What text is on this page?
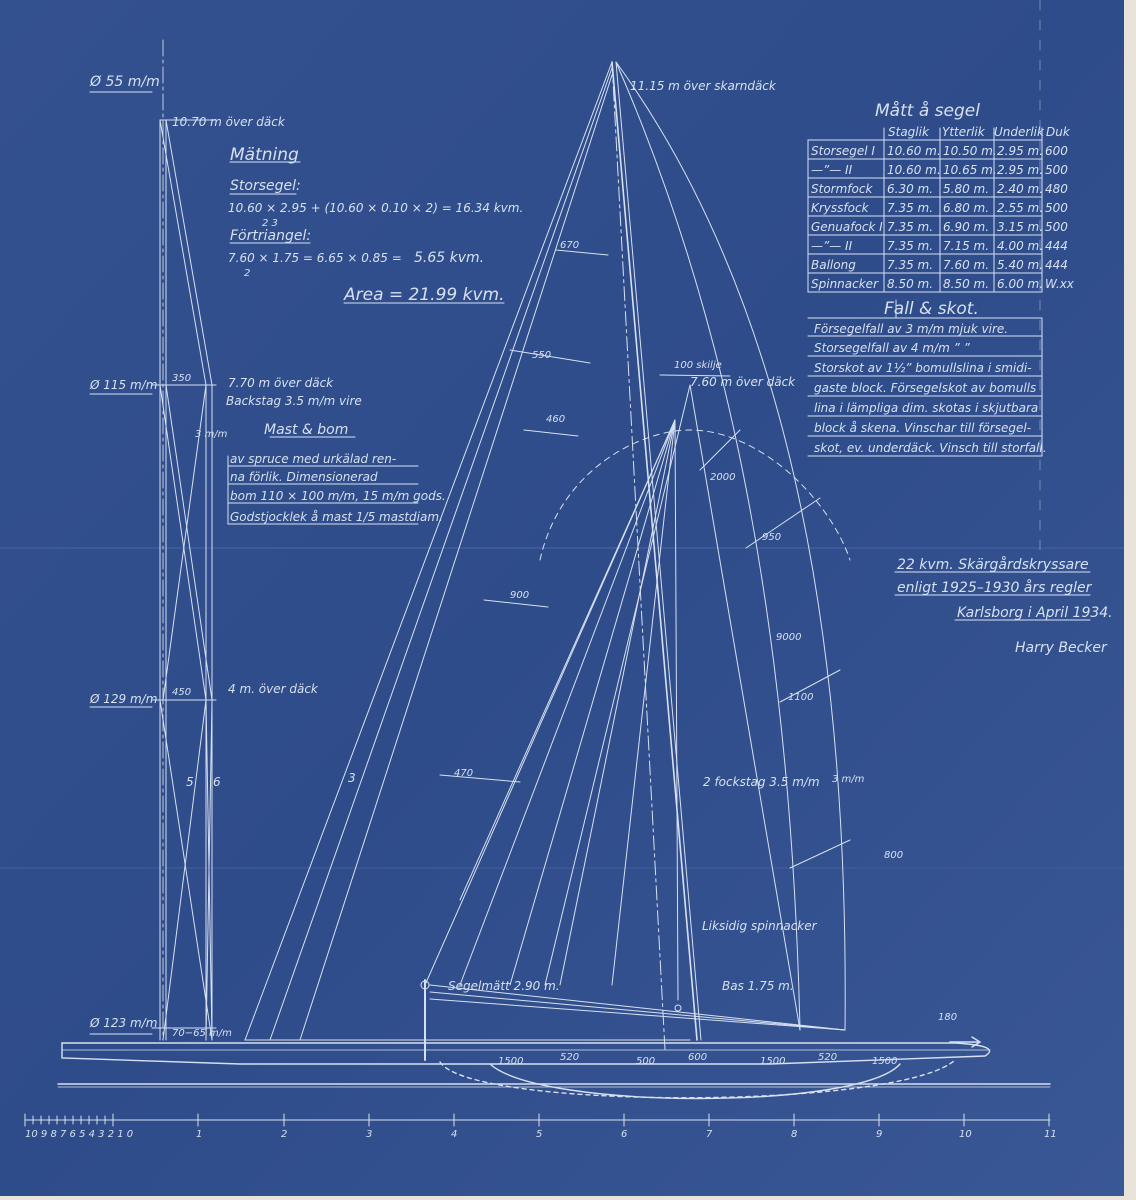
Ø 55 m/m
10.70 m över däck
Ø 115 m/m 350	7.70 m över däck
Backstag 3.5 m/m vire
3 m/m
Ø 129 m/m 450	4 m. över däck
5 6
Ø 123 m/m
70−65 m/m
Mätning
Storsegel:
10.60 × 2.95 + (10.60 × 0.10 × 2) = 16.34 kvm.
2 3
Förtriangel:
7.60 × 1.75 = 6.65 × 0.85 =
2
5.65 kvm.
Area = 21.99 kvm.
Mast & bom
av spruce med urkälad ren-
na förlik. Dimensionerad
bom 110 × 100 m/m, 15 m/m gods.
Godstjocklek å mast 1/5 mastdiam.
11.15 m över skarndäck
670
550
460
900
470
7.60 m över däck
100 skilje
3
2000
950
9000
1100
800
3 m/m
180
2 fockstag 3.5 m/m
Liksidig spinnacker
Segelmätt 2.90 m.	Bas 1.75 m.
1500	520	500	600	1500	520	1500
Mått å segel
Staglik Ytterlik Underlik Duk
Storsegel I 10.60 m. 10.50 m. 2.95 m. 600
—”— II	10.60 m. 10.65 m. 2.95 m. 500
Stormfock 6.30 m. 5.80 m. 2.40 m. 480
Kryssfock 7.35 m. 6.80 m. 2.55 m. 500
Genuafock I 7.35 m. 6.90 m. 3.15 m. 500
—”— II	7.35 m. 7.15 m. 4.00 m. 444
Ballong	7.35 m. 7.60 m. 5.40 m. 444
Spinnacker 8.50 m. 8.50 m. 6.00 m. W.xx
Fall & skot.
Försegelfall av 3 m/m mjuk vire.
Storsegelfall av 4 m/m ” ”
Storskot av 1½” bomullslina i smidi-
gaste block. Försegelskot av bomulls
lina i lämpliga dim. skotas i skjutbara
block å skena. Vinschar till försegel-
skot, ev. underdäck. Vinsch till storfall.
22 kvm. Skärgårdskryssare
enligt 1925–1930 års regler
Karlsborg i April 1934.
Harry Becker
10 9 8 7 6 5 4 3 2 1 0	1	2	3	4	5	6	7	8	9	10	11
